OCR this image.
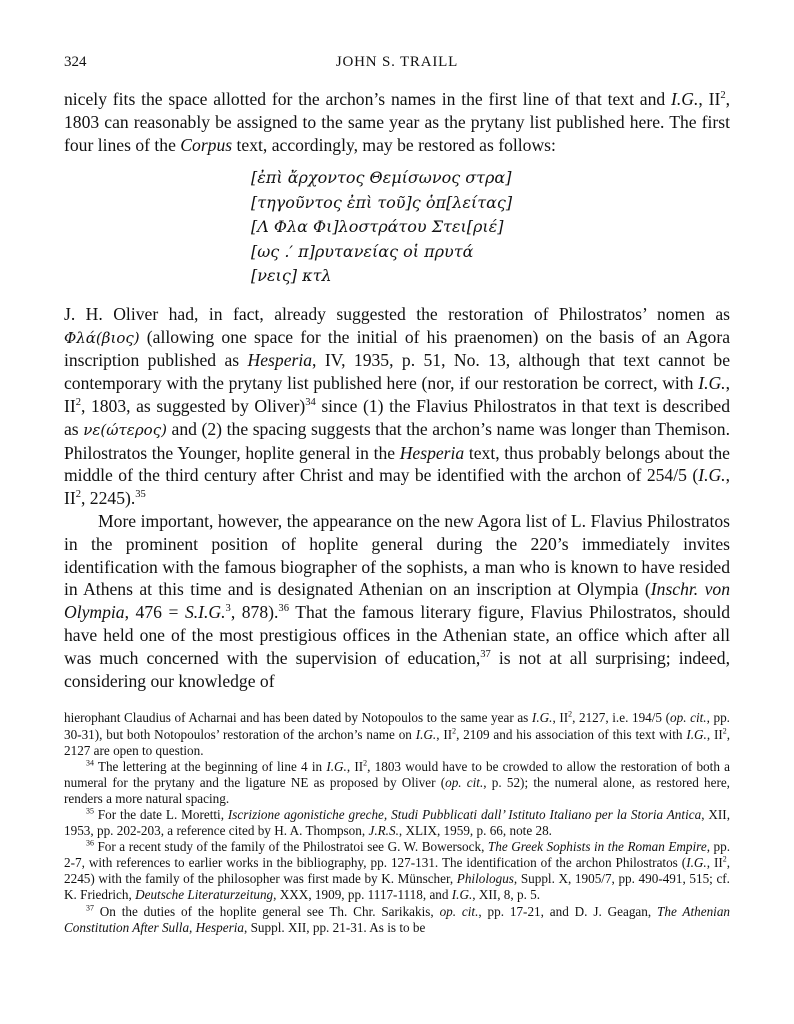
324	JOHN S. TRAILL

nicely fits the space allotted for the archon’s names in the first line of that text and I.G., $II^2$, 1803 can reasonably be assigned to the same year as the prytany list published here. The first four lines of the Corpus text, accordingly, may be restored as follows:

[ἐπὶ ἄρχοντος Θεμίσωνος στρα]
[τηγοῦντος ἐπὶ τοῦ]ς ὁπ[λείτας]
[Λ Φλα Φι]λοστράτου Στει[ριέ]
[ως .′ π]ρυτανείας οἱ πρυτά
[νεις] κτλ

J. H. Oliver had, in fact, already suggested the restoration of Philostratos’ nomen as Φλά(βιος) (allowing one space for the initial of his praenomen) on the basis of an Agora inscription published as Hesperia, IV, 1935, p. 51, No. 13, although that text cannot be contemporary with the prytany list published here (nor, if our restoration be correct, with I.G., $II^2$, 1803, as suggested by Oliver)$^{34}$ since (1) the Flavius Philostratos in that text is described as νε(ώτερος) and (2) the spacing suggests that the archon’s name was longer than Themison. Philostratos the Younger, hoplite general in the Hesperia text, thus probably belongs about the middle of the third century after Christ and may be identified with the archon of 254/5 (I.G., $II^2$, 2245).$^{35}$

More important, however, the appearance on the new Agora list of L. Flavius Philostratos in the prominent position of hoplite general during the 220’s immediately invites identification with the famous biographer of the sophists, a man who is known to have resided in Athens at this time and is designated Athenian on an inscription at Olympia (Inschr. von Olympia, 476 = S.I.G.$^3$, 878).$^{36}$ That the famous literary figure, Flavius Philostratos, should have held one of the most prestigious offices in the Athenian state, an office which after all was much concerned with the supervision of education,$^{37}$ is not at all surprising; indeed, considering our knowledge of

hierophant Claudius of Acharnai and has been dated by Notopoulos to the same year as I.G., $II^2$, 2127, i.e. 194/5 (op. cit., pp. 30-31), but both Notopoulos’ restoration of the archon’s name on I.G., $II^2$, 2109 and his association of this text with I.G., $II^2$, 2127 are open to question.

$^{34}$ The lettering at the beginning of line 4 in I.G., $II^2$, 1803 would have to be crowded to allow the restoration of both a numeral for the prytany and the ligature NE as proposed by Oliver (op. cit., p. 52); the numeral alone, as restored here, renders a more natural spacing.

$^{35}$ For the date L. Moretti, Iscrizione agonistiche greche, Studi Pubblicati dall’ Istituto Italiano per la Storia Antica, XII, 1953, pp. 202-203, a reference cited by H. A. Thompson, J.R.S., XLIX, 1959, p. 66, note 28.

$^{36}$ For a recent study of the family of the Philostratoi see G. W. Bowersock, The Greek Sophists in the Roman Empire, pp. 2-7, with references to earlier works in the bibliography, pp. 127-131. The identification of the archon Philostratos (I.G., $II^2$, 2245) with the family of the philosopher was first made by K. Münscher, Philologus, Suppl. X, 1905/7, pp. 490-491, 515; cf. K. Friedrich, Deutsche Literaturzeitung, XXX, 1909, pp. 1117-1118, and I.G., XII, 8, p. 5.

$^{37}$ On the duties of the hoplite general see Th. Chr. Sarikakis, op. cit., pp. 17-21, and D. J. Geagan, The Athenian Constitution After Sulla, Hesperia, Suppl. XII, pp. 21-31. As is to be
